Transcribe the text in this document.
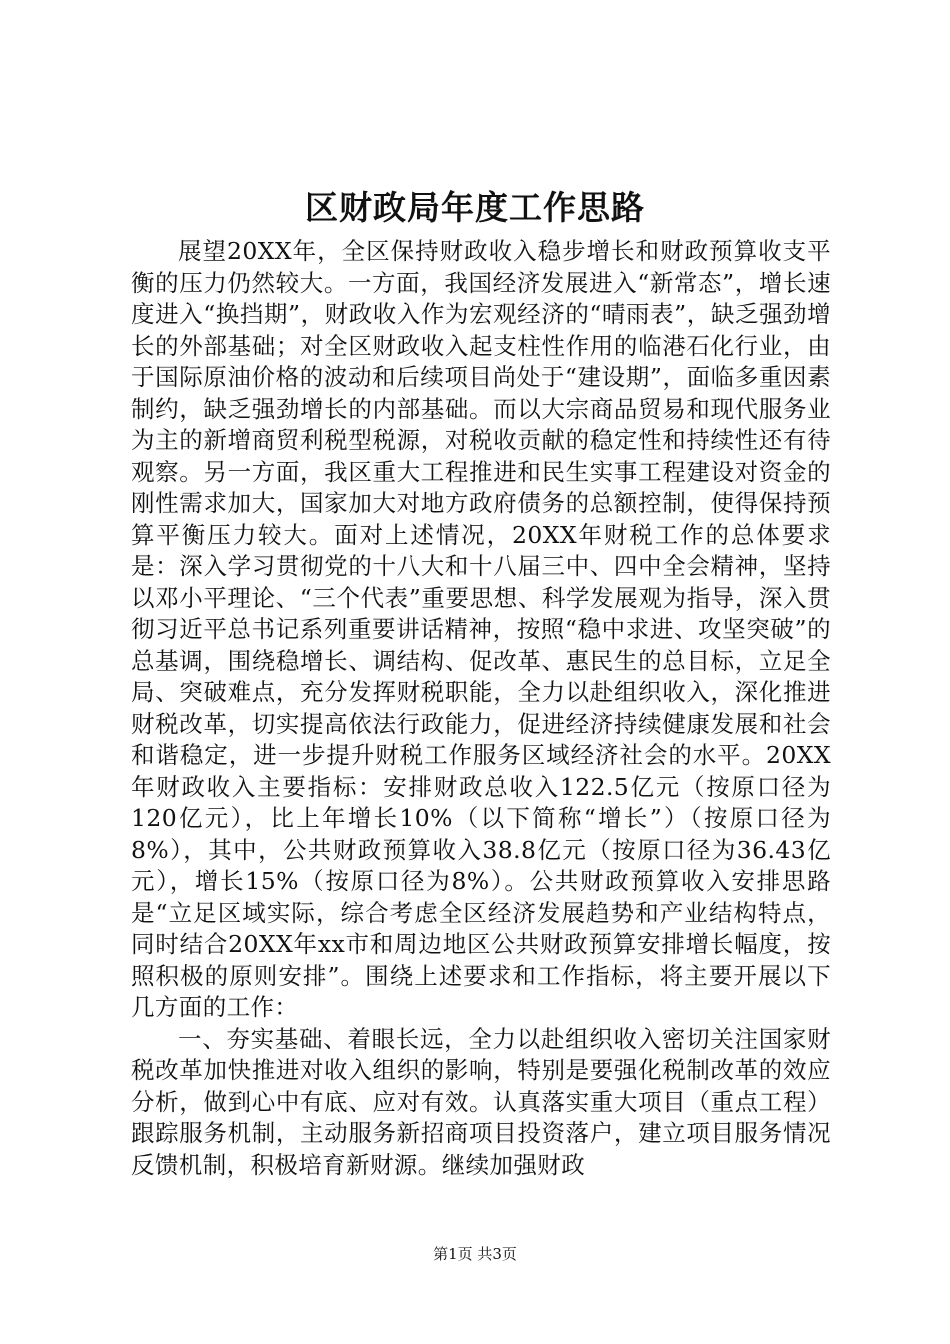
区财政局年度工作思路

展望20XX年，全区保持财政收入稳步增长和财政预算收支平衡的压力仍然较大。一方面，我国经济发展进入“新常态”，增长速度进入“换挡期”，财政收入作为宏观经济的“晴雨表”，缺乏强劲增长的外部基础；对全区财政收入起支柱性作用的临港石化行业，由于国际原油价格的波动和后续项目尚处于“建设期”，面临多重因素制约，缺乏强劲增长的内部基础。而以大宗商品贸易和现代服务业为主的新增商贸利税型税源，对税收贡献的稳定性和持续性还有待观察。另一方面，我区重大工程推进和民生实事工程建设对资金的刚性需求加大，国家加大对地方政府债务的总额控制，使得保持预算平衡压力较大。面对上述情况，20XX年财税工作的总体要求是：深入学习贯彻党的十八大和十八届三中、四中全会精神，坚持以邓小平理论、“三个代表”重要思想、科学发展观为指导，深入贯彻习近平总书记系列重要讲话精神，按照“稳中求进、攻坚突破”的总基调，围绕稳增长、调结构、促改革、惠民生的总目标，立足全局、突破难点，充分发挥财税职能，全力以赴组织收入，深化推进财税改革，切实提高依法行政能力，促进经济持续健康发展和社会和谐稳定，进一步提升财税工作服务区域经济社会的水平。20XX年财政收入主要指标：安排财政总收入122.5亿元（按原口径为120亿元），比上年增长10%（以下简称“增长”）（按原口径为8%），其中，公共财政预算收入38.8亿元（按原口径为36.43亿元），增长15%（按原口径为8%）。公共财政预算收入安排思路是“立足区域实际，综合考虑全区经济发展趋势和产业结构特点，同时结合20XX年xx市和周边地区公共财政预算安排增长幅度，按照积极的原则安排”。围绕上述要求和工作指标，将主要开展以下几方面的工作：

一、夯实基础、着眼长远，全力以赴组织收入密切关注国家财税改革加快推进对收入组织的影响，特别是要强化税制改革的效应分析，做到心中有底、应对有效。认真落实重大项目（重点工程）跟踪服务机制，主动服务新招商项目投资落户，建立项目服务情况反馈机制，积极培育新财源。继续加强财政

第1页 共3页
